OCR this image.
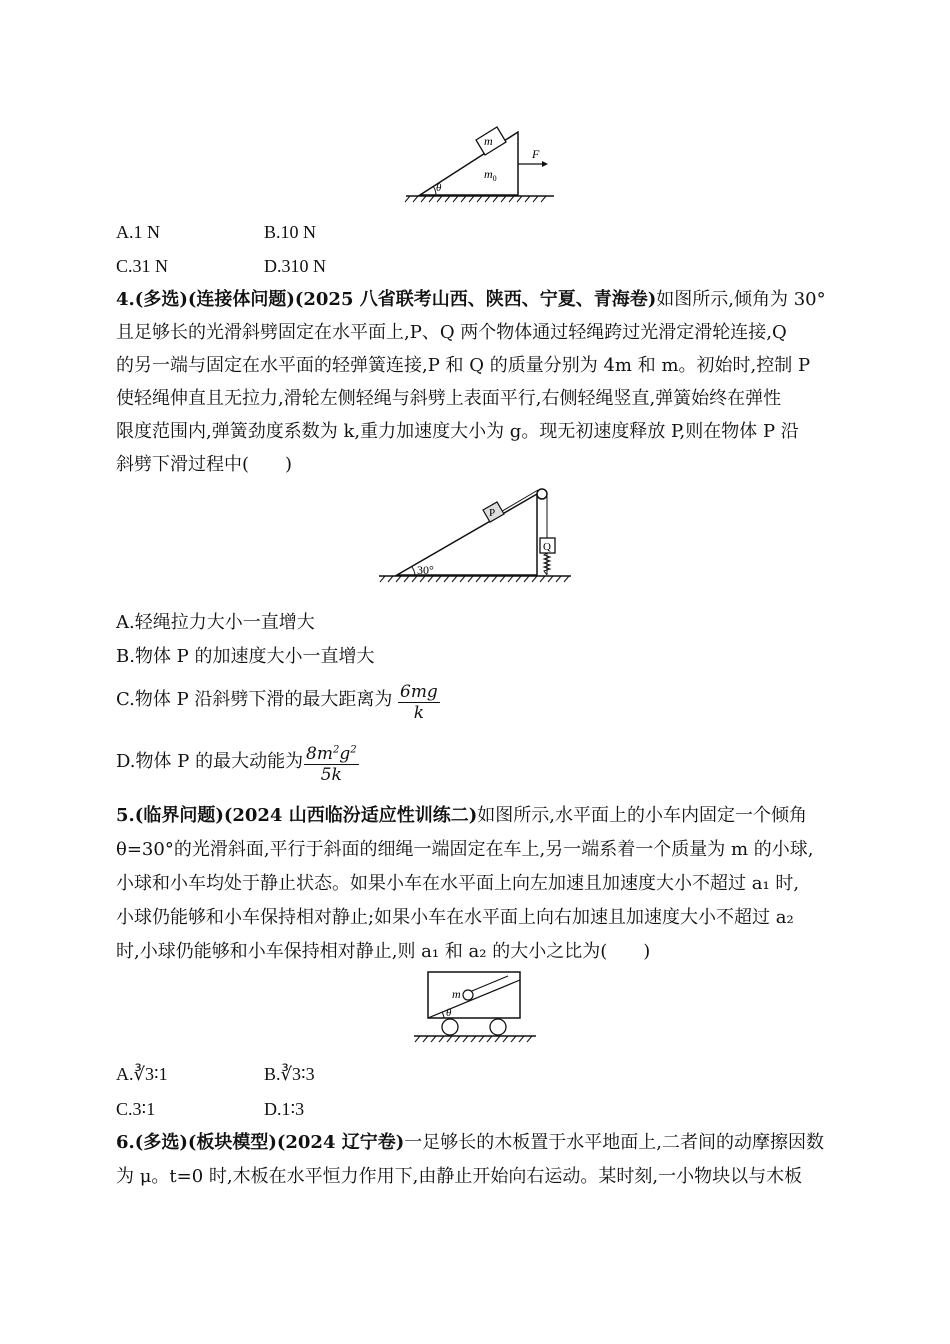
θ
m
$m_0$
F
A.1 N	B.10 N
C.31 N	D.310 N
4.(多选)(连接体问题)(2025 八省联考山西、陕西、宁夏、青海卷)如图所示,倾角为 30°
且足够长的光滑斜劈固定在水平面上,P、Q 两个物体通过轻绳跨过光滑定滑轮连接,Q
的另一端与固定在水平面的轻弹簧连接,P 和 Q 的质量分别为 4m 和 m。初始时,控制 P
使轻绳伸直且无拉力,滑轮左侧轻绳与斜劈上表面平行,右侧轻绳竖直,弹簧始终在弹性
限度范围内,弹簧劲度系数为 k,重力加速度大小为 g。现无初速度释放 P,则在物体 P 沿
斜劈下滑过程中(　　)
30°
P
Q
A.轻绳拉力大小一直增大
B.物体 P 的加速度大小一直增大
C.物体 P 沿斜劈下滑的最大距离为 $\frac{6mg}{k}$
D.物体 P 的最大动能为 $\frac{8m^2g^2}{5k}$
5.(临界问题)(2024 山西临汾适应性训练二)如图所示,水平面上的小车内固定一个倾角
θ=30°的光滑斜面,平行于斜面的细绳一端固定在车上,另一端系着一个质量为 m 的小球,
小球和小车均处于静止状态。如果小车在水平面上向左加速且加速度大小不超过 a₁ 时,
小球仍能够和小车保持相对静止;如果小车在水平面上向右加速且加速度大小不超过 a₂
时,小球仍能够和小车保持相对静止,则 a₁ 和 a₂ 的大小之比为(　　)
m
θ
A.∛3∶1	B.∛3∶3
C.3∶1	D.1∶3
6.(多选)(板块模型)(2024 辽宁卷)一足够长的木板置于水平地面上,二者间的动摩擦因数
为 μ。t=0 时,木板在水平恒力作用下,由静止开始向右运动。某时刻,一小物块以与木板
